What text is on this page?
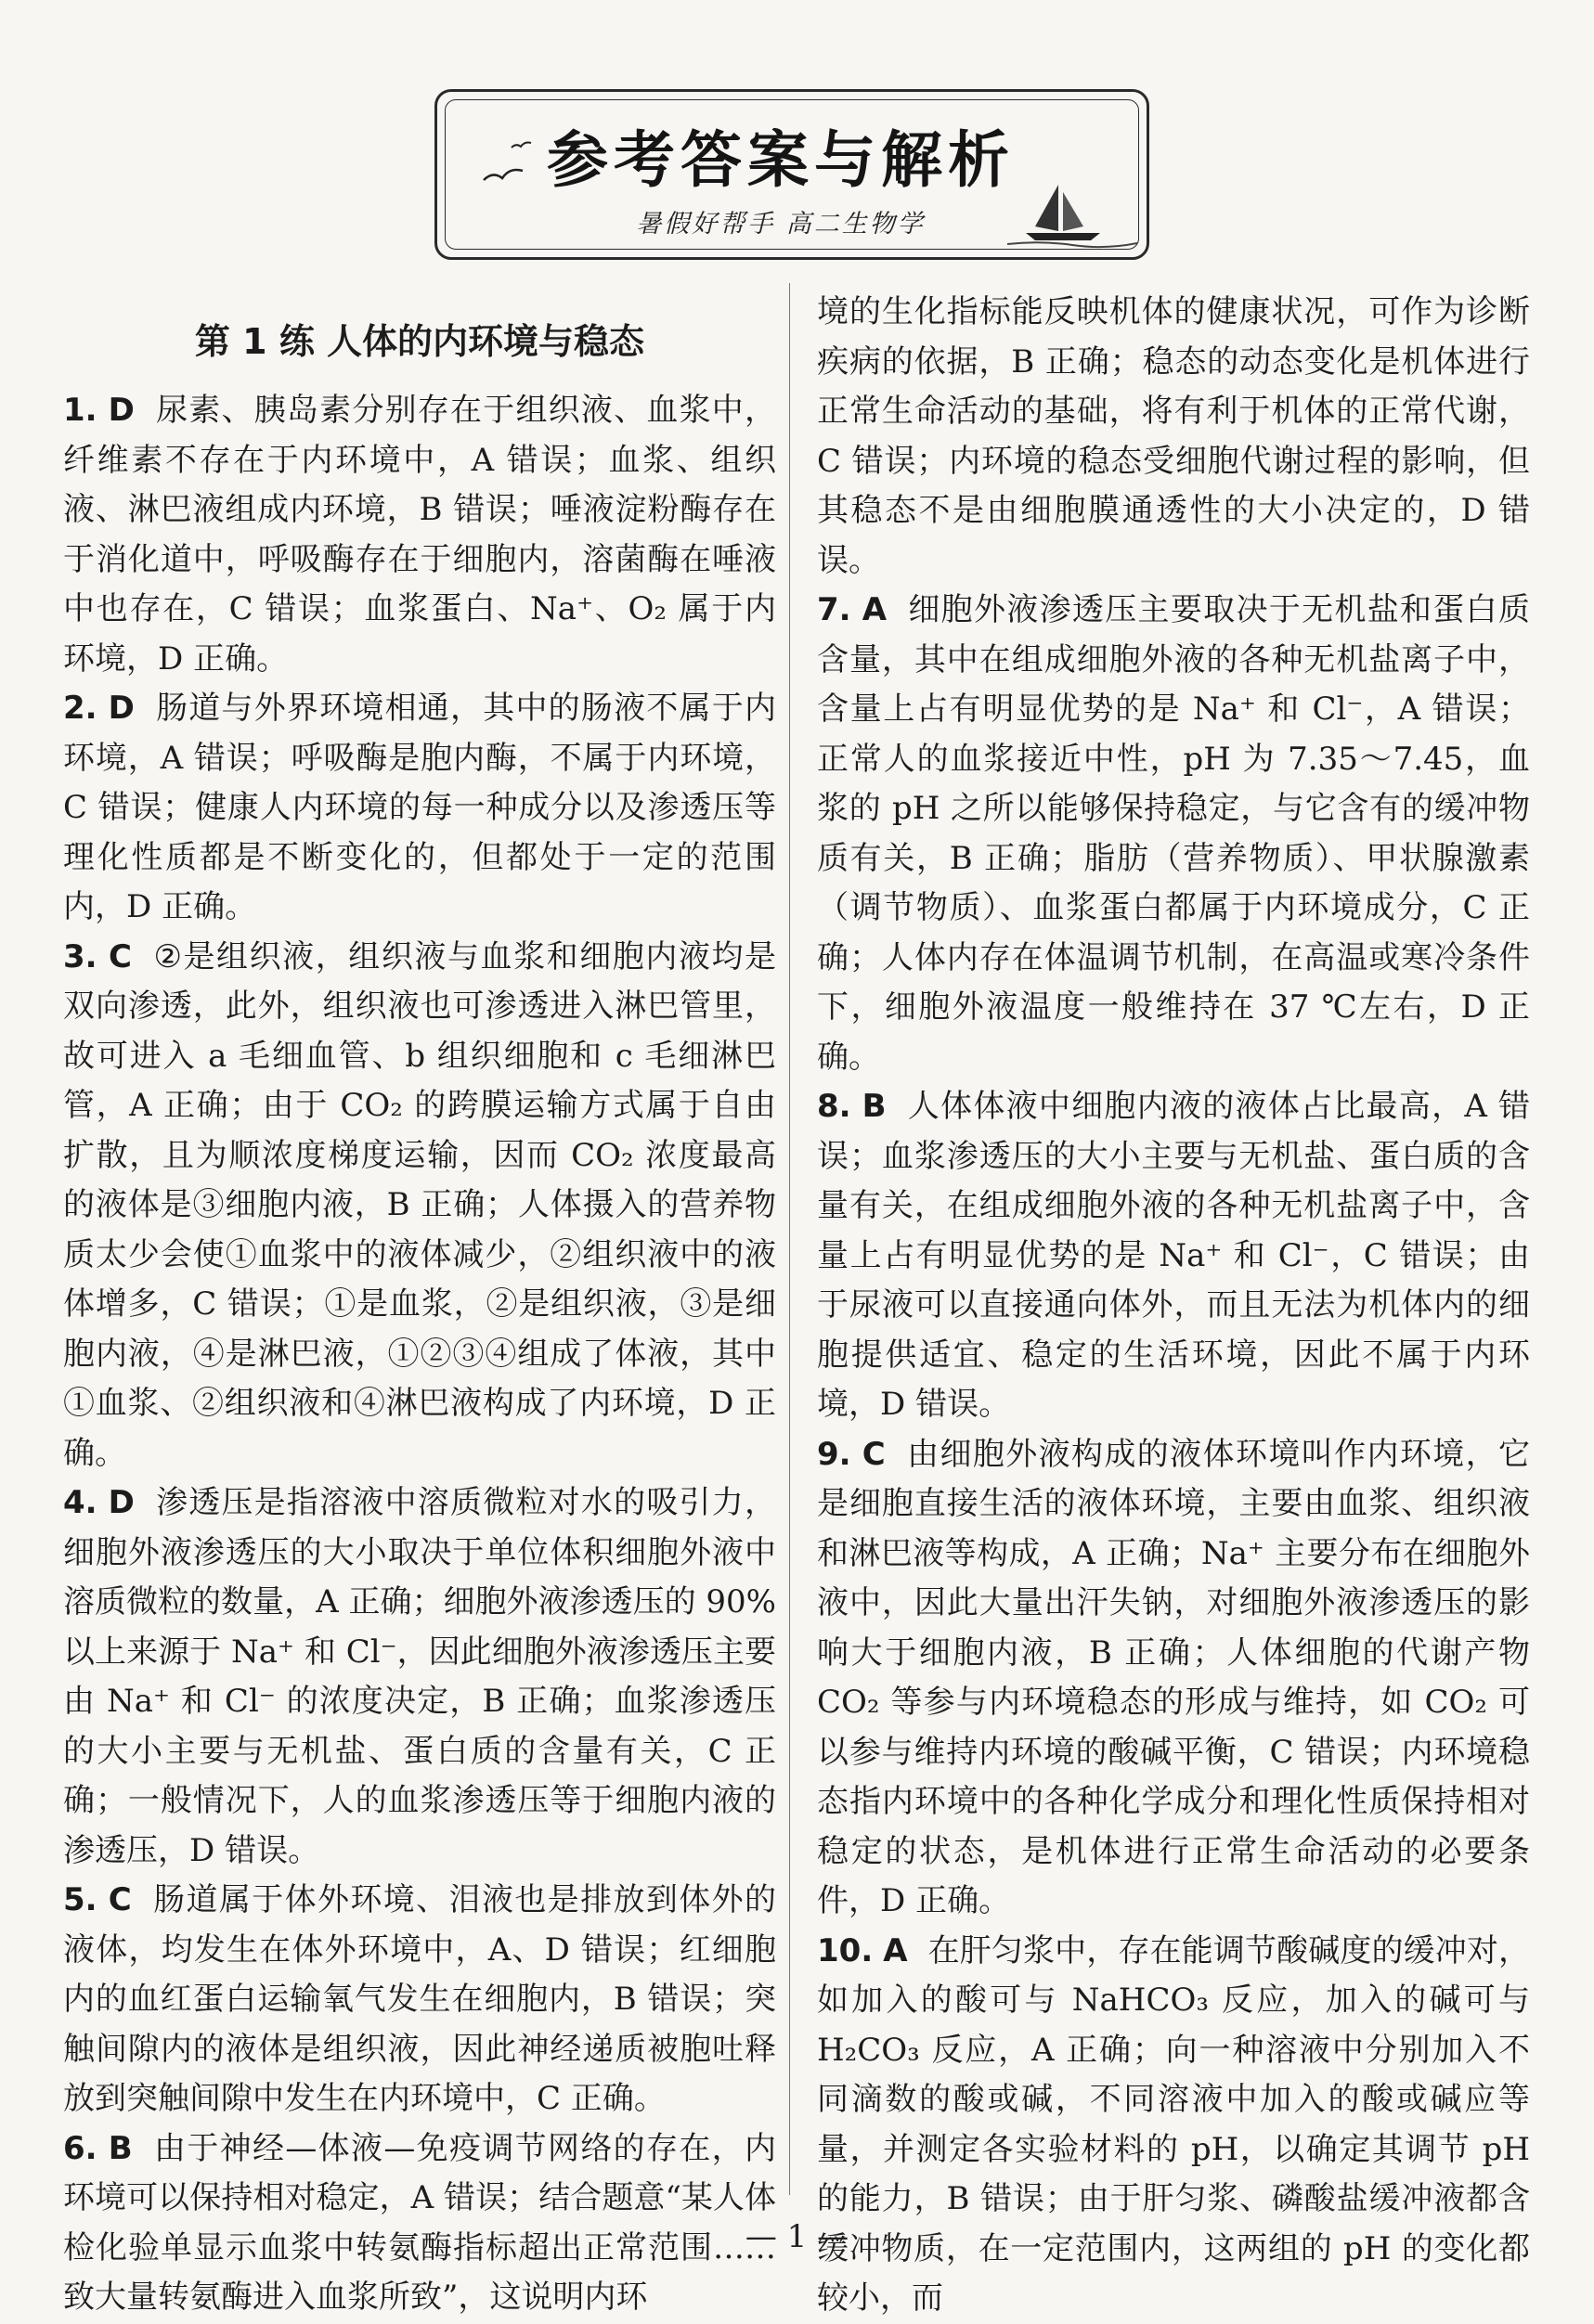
参考答案与解析
暑假好帮手 高二生物学
第 1 练 人体的内环境与稳态
1. D 尿素、胰岛素分别存在于组织液、血浆中，纤维素不存在于内环境中，A 错误；血浆、组织液、淋巴液组成内环境，B 错误；唾液淀粉酶存在于消化道中，呼吸酶存在于细胞内，溶菌酶在唾液中也存在，C 错误；血浆蛋白、Na⁺、O₂ 属于内环境，D 正确。
2. D 肠道与外界环境相通，其中的肠液不属于内环境，A 错误；呼吸酶是胞内酶，不属于内环境，C 错误；健康人内环境的每一种成分以及渗透压等理化性质都是不断变化的，但都处于一定的范围内，D 正确。
3. C ②是组织液，组织液与血浆和细胞内液均是双向渗透，此外，组织液也可渗透进入淋巴管里，故可进入 a 毛细血管、b 组织细胞和 c 毛细淋巴管，A 正确；由于 CO₂ 的跨膜运输方式属于自由扩散，且为顺浓度梯度运输，因而 CO₂ 浓度最高的液体是③细胞内液，B 正确；人体摄入的营养物质太少会使①血浆中的液体减少，②组织液中的液体增多，C 错误；①是血浆，②是组织液，③是细胞内液，④是淋巴液，①②③④组成了体液，其中①血浆、②组织液和④淋巴液构成了内环境，D 正确。
4. D 渗透压是指溶液中溶质微粒对水的吸引力，细胞外液渗透压的大小取决于单位体积细胞外液中溶质微粒的数量，A 正确；细胞外液渗透压的 90%以上来源于 Na⁺ 和 Cl⁻，因此细胞外液渗透压主要由 Na⁺ 和 Cl⁻ 的浓度决定，B 正确；血浆渗透压的大小主要与无机盐、蛋白质的含量有关，C 正确；一般情况下，人的血浆渗透压等于细胞内液的渗透压，D 错误。
5. C 肠道属于体外环境、泪液也是排放到体外的液体，均发生在体外环境中，A、D 错误；红细胞内的血红蛋白运输氧气发生在细胞内，B 错误；突触间隙内的液体是组织液，因此神经递质被胞吐释放到突触间隙中发生在内环境中，C 正确。
6. B 由于神经—体液—免疫调节网络的存在，内环境可以保持相对稳定，A 错误；结合题意“某人体检化验单显示血浆中转氨酶指标超出正常范围……致大量转氨酶进入血浆所致”，这说明内环
境的生化指标能反映机体的健康状况，可作为诊断疾病的依据，B 正确；稳态的动态变化是机体进行正常生命活动的基础，将有利于机体的正常代谢，C 错误；内环境的稳态受细胞代谢过程的影响，但其稳态不是由细胞膜通透性的大小决定的，D 错误。
7. A 细胞外液渗透压主要取决于无机盐和蛋白质含量，其中在组成细胞外液的各种无机盐离子中，含量上占有明显优势的是 Na⁺ 和 Cl⁻，A 错误；正常人的血浆接近中性，pH 为 7.35～7.45，血浆的 pH 之所以能够保持稳定，与它含有的缓冲物质有关，B 正确；脂肪（营养物质）、甲状腺激素（调节物质）、血浆蛋白都属于内环境成分，C 正确；人体内存在体温调节机制，在高温或寒冷条件下，细胞外液温度一般维持在 37 ℃左右，D 正确。
8. B 人体体液中细胞内液的液体占比最高，A 错误；血浆渗透压的大小主要与无机盐、蛋白质的含量有关，在组成细胞外液的各种无机盐离子中，含量上占有明显优势的是 Na⁺ 和 Cl⁻，C 错误；由于尿液可以直接通向体外，而且无法为机体内的细胞提供适宜、稳定的生活环境，因此不属于内环境，D 错误。
9. C 由细胞外液构成的液体环境叫作内环境，它是细胞直接生活的液体环境，主要由血浆、组织液和淋巴液等构成，A 正确；Na⁺ 主要分布在细胞外液中，因此大量出汗失钠，对细胞外液渗透压的影响大于细胞内液，B 正确；人体细胞的代谢产物 CO₂ 等参与内环境稳态的形成与维持，如 CO₂ 可以参与维持内环境的酸碱平衡，C 错误；内环境稳态指内环境中的各种化学成分和理化性质保持相对稳定的状态，是机体进行正常生命活动的必要条件，D 正确。
10. A 在肝匀浆中，存在能调节酸碱度的缓冲对，如加入的酸可与 NaHCO₃ 反应，加入的碱可与 H₂CO₃ 反应，A 正确；向一种溶液中分别加入不同滴数的酸或碱，不同溶液中加入的酸或碱应等量，并测定各实验材料的 pH，以确定其调节 pH 的能力，B 错误；由于肝匀浆、磷酸盐缓冲液都含缓冲物质，在一定范围内，这两组的 pH 的变化都较小，而
— 1 —
